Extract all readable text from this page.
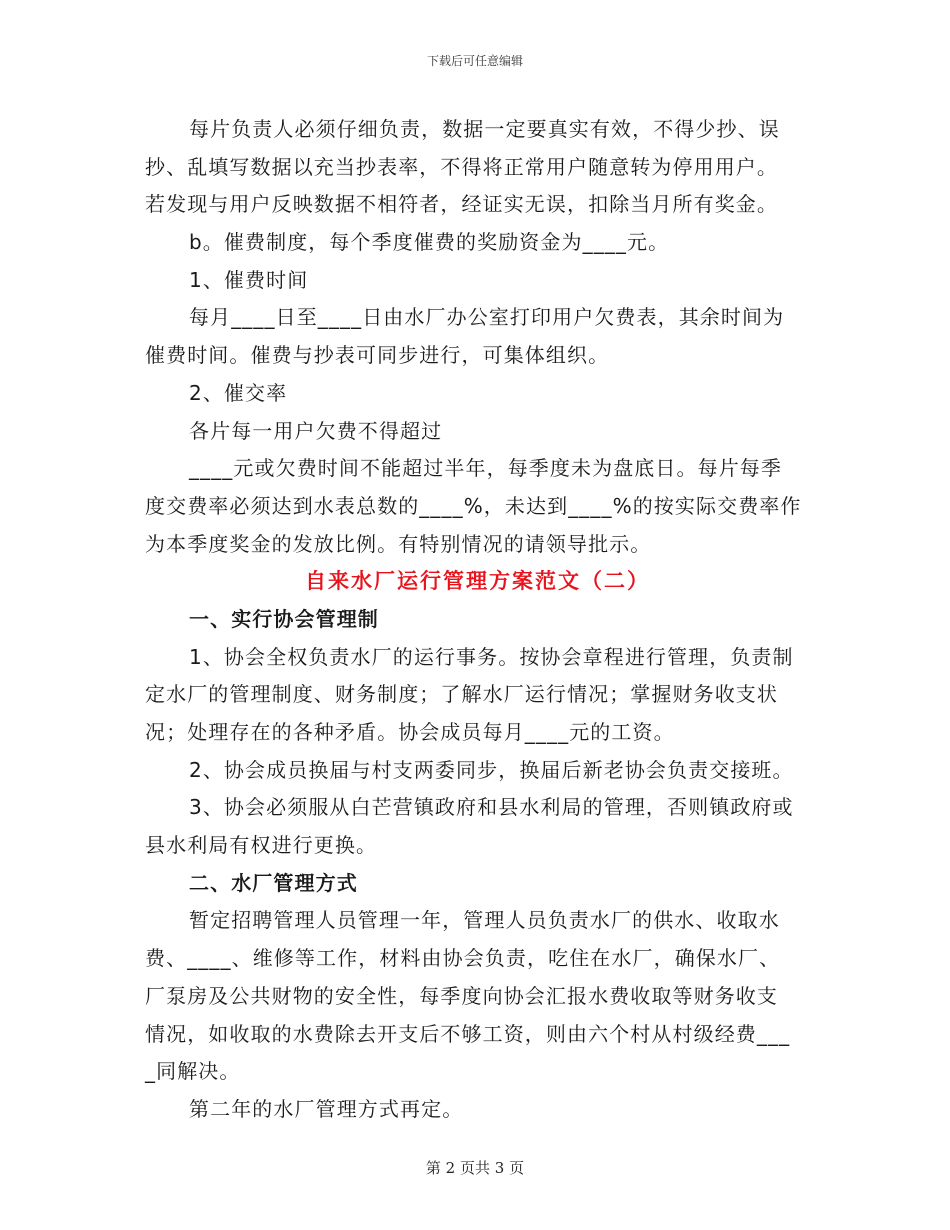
下载后可任意编辑
每片负责人必须仔细负责，数据一定要真实有效，不得少抄、误
抄、乱填写数据以充当抄表率，不得将正常用户随意转为停用用户。
若发现与用户反映数据不相符者，经证实无误，扣除当月所有奖金。
b。催费制度，每个季度催费的奖励资金为____元。
1、催费时间
每月____日至____日由水厂办公室打印用户欠费表，其余时间为
催费时间。催费与抄表可同步进行，可集体组织。
2、催交率
各片每一用户欠费不得超过
____元或欠费时间不能超过半年，每季度未为盘底日。每片每季
度交费率必须达到水表总数的____%，未达到____%的按实际交费率作
为本季度奖金的发放比例。有特别情况的请领导批示。
自来水厂运行管理方案范文（二）
一、实行协会管理制
1、协会全权负责水厂的运行事务。按协会章程进行管理，负责制
定水厂的管理制度、财务制度；了解水厂运行情况；掌握财务收支状
况；处理存在的各种矛盾。协会成员每月____元的工资。
2、协会成员换届与村支两委同步，换届后新老协会负责交接班。
3、协会必须服从白芒营镇政府和县水利局的管理，否则镇政府或
县水利局有权进行更换。
二、水厂管理方式
暂定招聘管理人员管理一年，管理人员负责水厂的供水、收取水
费、____、维修等工作，材料由协会负责，吃住在水厂，确保水厂、
厂泵房及公共财物的安全性，每季度向协会汇报水费收取等财务收支
情况，如收取的水费除去开支后不够工资，则由六个村从村级经费___
_同解决。
第二年的水厂管理方式再定。
第 2 页共 3 页
